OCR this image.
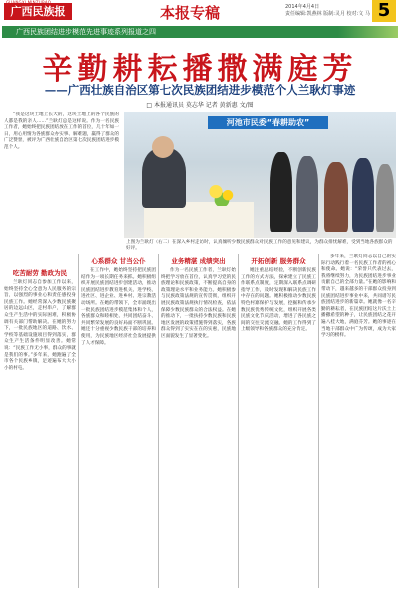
GUANGXI MINZUBAO
广西民族报	本报专稿	2014年4月4日
责任编辑:凯燕林 版制:灵月 校对:文 马 5
广西民族团结进步模范先进事迹系列报道之四
辛勤耕耘播撒满庭芳
——广西壮族自治区第七次民族团结进步模范个人兰耿灯事迹
□ 本报通讯员 莫志华 记者 黄新惠 文/图

“我是这块土地上长大的，这块土地上的各个民族的人都是我的亲人……”兰耿灯总是这样说。作为一名民族工作者，她始终把民族团结放在工作的首位，几十年如一日，用心用情为各族群众办实事、解难题，赢得了群众的广泛赞誉，被评为广西壮族自治区第七次民族团结进步模范个人。

河池市民委“春耕助农”
上图为兰耿灯（右二）在深入乡村走访时，认真倾听少数民族群众对民族工作的意见和建议，为群众排忧解难，受到当地各族群众的好评。
吃苦耐劳 勤政为民

兰耿灯同志自参加工作以来，始终坚持全心全意为人民服务的宗旨，以强烈的事业心和责任感投身民族工作。她经常深入少数民族聚居的边远山区，走村串户，了解群众生产生活中的实际困难，积极协调有关部门帮助解决。在她的努力下，一批民族地区的道路、饮水、学校等基础设施项目得到落实，群众生产生活条件明显改善。她常说：“民族工作无小事，群众的事就是我们的事。”多年来，她跑遍了全市各个民族乡镇，足迹遍布大大小小的村屯。

心系群众 甘当公仆

在工作中，她始终坚持把民族团结作为一项长期任务来抓。她积极组织开展民族团结进步创建活动，推动民族团结进步教育进机关、进学校、进社区、进企业、进乡村、进宗教活动场所。在她的带领下，全市涌现出一批民族团结进步模范集体和个人，各族群众和睦相处、共同团结奋斗、共同繁荣发展的良好局面不断巩固。她还十分重视少数民族干部的培养和使用，为民族地区经济社会发展提供了人才保障。

业务精湛 成绩突出

作为一名民族工作者，兰耿灯始终把学习放在首位，认真学习党的民族理论和民族政策，不断提高自身的政策理论水平和业务能力。她积极参与民族政策法规的宣传贯彻，组织开展民族政策法规执行情况检查，依法保障少数民族群众的合法权益。在她的推动下，一批扶持少数民族和民族地区发展的政策措施得到落实，各族群众得到了实实在在的实惠，民族地区面貌发生了显著变化。

开拓创新 服务群众

她注重总结经验，不断创新民族工作的方式方法，探索建立了民族工作联系点制度，定期深入联系点调研指导工作，及时发现和解决民族工作中存在的问题。她积极推动少数民族特色村寨保护与发展，挖掘和传承少数民族优秀传统文化，组织开展各类民族文化节庆活动，增进了各民族之间的交往交流交融。她的工作得到了上级领导和各族群众的充分肯定。

多年来，兰耿灯同志以自己的实际行动践行着一名民族工作者的初心和使命。她说：“荣誉只代表过去，我将继续努力，为民族团结进步事业贡献自己的全部力量。”在她的影响和带动下，越来越多的干部群众投身到民族团结进步事业中来，共同谱写民族团结进步的新篇章。她就像一名辛勤的耕耘者，在民族团结这片沃土上播撒希望的种子，让民族团结之花开遍八桂大地，满庭芬芳。她的事迹在当地干部群众中广为传颂，成为大家学习的榜样。
